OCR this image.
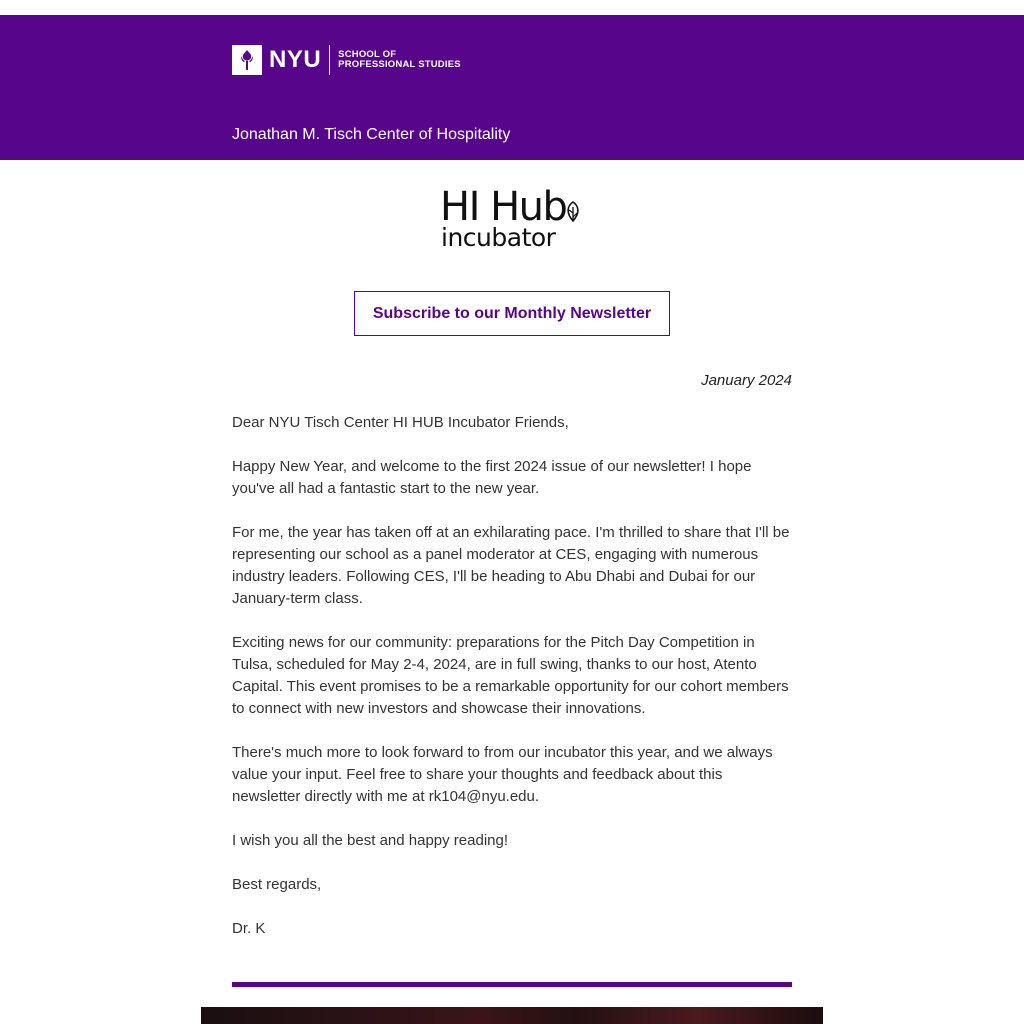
NYU SCHOOL OF
PROFESSIONAL STUDIES
Jonathan M. Tisch Center of Hospitality
HI Hub
incubator
Subscribe to our Monthly Newsletter
January 2024

Dear NYU Tisch Center HI HUB Incubator Friends,

Happy New Year, and welcome to the first 2024 issue of our newsletter! I hope you've all had a fantastic start to the new year.

For me, the year has taken off at an exhilarating pace. I'm thrilled to share that I'll be representing our school as a panel moderator at CES, engaging with numerous industry leaders. Following CES, I'll be heading to Abu Dhabi and Dubai for our January-term class.

Exciting news for our community: preparations for the Pitch Day Competition in Tulsa, scheduled for May 2-4, 2024, are in full swing, thanks to our host, Atento Capital. This event promises to be a remarkable opportunity for our cohort members to connect with new investors and showcase their innovations.

There's much more to look forward to from our incubator this year, and we always value your input. Feel free to share your thoughts and feedback about this newsletter directly with me at rk104@nyu.edu.

I wish you all the best and happy reading!

Best regards,

Dr. K
